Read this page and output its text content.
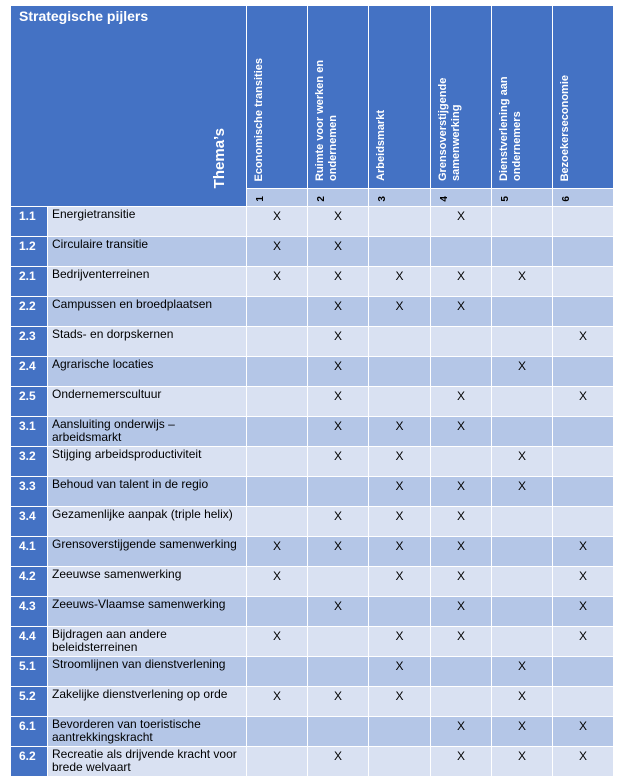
Strategische pijlers
Thema’s		Economische transities	Ruimte voor werken en ondernemen	Arbeidsmarkt	Grensoverstijgende samenwerking	Dienstverlening aan ondernemers	Bezoekerseconomie
		1	2	3	4	5	6
1.1	Energietransitie	X	X		X		
1.2	Circulaire transitie	X	X				
2.1	Bedrijventerreinen	X	X	X	X	X	
2.2	Campussen en broedplaatsen		X	X	X		
2.3	Stads- en dorpskernen		X				X
2.4	Agrarische locaties		X			X	
2.5	Ondernemerscultuur		X		X		X
3.1	Aansluiting onderwijs – arbeidsmarkt		X	X	X		
3.2	Stijging arbeidsproductiviteit		X	X		X	
3.3	Behoud van talent in de regio			X	X	X	
3.4	Gezamenlijke aanpak (triple helix)		X	X	X		
4.1	Grensoverstijgende samenwerking	X	X	X	X		X
4.2	Zeeuwse samenwerking	X		X	X		X
4.3	Zeeuws-Vlaamse samenwerking		X		X		X
4.4	Bijdragen aan andere beleidsterreinen	X		X	X		X
5.1	Stroomlijnen van dienstverlening			X		X	
5.2	Zakelijke dienstverlening op orde	X	X	X		X	
6.1	Bevorderen van toeristische aantrekkingskracht				X	X	X
6.2	Recreatie als drijvende kracht voor brede welvaart		X		X	X	X
